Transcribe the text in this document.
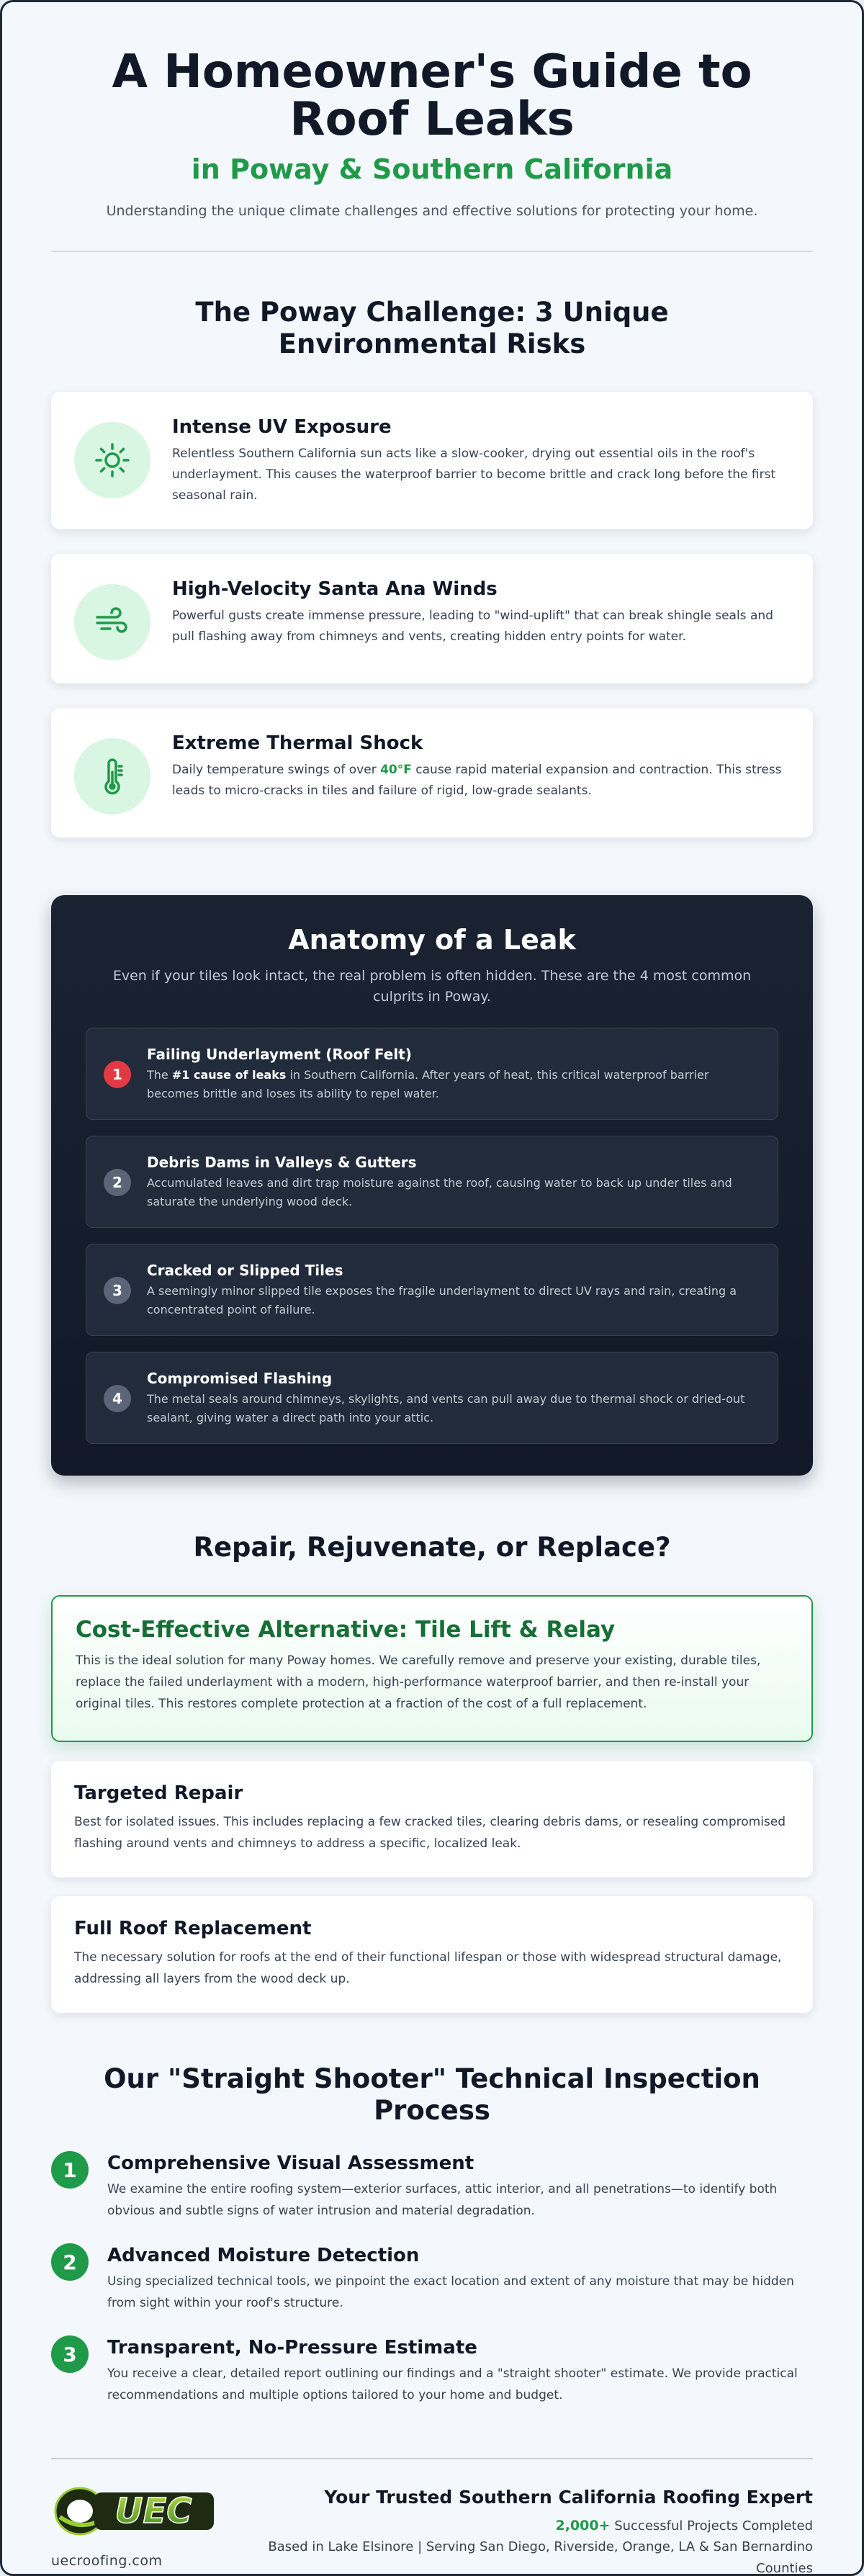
A Homeowner's Guide to Roof Leaks
in Poway & Southern California

Understanding the unique climate challenges and effective solutions for protecting your home.

The Poway Challenge: 3 Unique Environmental Risks
Intense UV Exposure

Relentless Southern California sun acts like a slow-cooker, drying out essential oils in the roof's underlayment. This causes the waterproof barrier to become brittle and crack long before the first seasonal rain.

High-Velocity Santa Ana Winds

Powerful gusts create immense pressure, leading to "wind-uplift" that can break shingle seals and pull flashing away from chimneys and vents, creating hidden entry points for water.

Extreme Thermal Shock

Daily temperature swings of over 40°F cause rapid material expansion and contraction. This stress leads to micro-cracks in tiles and failure of rigid, low-grade sealants.

Anatomy of a Leak

Even if your tiles look intact, the real problem is often hidden. These are the 4 most common culprits in Poway.

1
Failing Underlayment (Roof Felt)

The #1 cause of leaks in Southern California. After years of heat, this critical waterproof barrier becomes brittle and loses its ability to repel water.

2
Debris Dams in Valleys & Gutters

Accumulated leaves and dirt trap moisture against the roof, causing water to back up under tiles and saturate the underlying wood deck.

3
Cracked or Slipped Tiles

A seemingly minor slipped tile exposes the fragile underlayment to direct UV rays and rain, creating a concentrated point of failure.

4
Compromised Flashing

The metal seals around chimneys, skylights, and vents can pull away due to thermal shock or dried-out sealant, giving water a direct path into your attic.

Repair, Rejuvenate, or Replace?
Cost-Effective Alternative: Tile Lift & Relay

This is the ideal solution for many Poway homes. We carefully remove and preserve your existing, durable tiles, replace the failed underlayment with a modern, high-performance waterproof barrier, and then re-install your original tiles. This restores complete protection at a fraction of the cost of a full replacement.

Targeted Repair

Best for isolated issues. This includes replacing a few cracked tiles, clearing debris dams, or resealing compromised flashing around vents and chimneys to address a specific, localized leak.

Full Roof Replacement

The necessary solution for roofs at the end of their functional lifespan or those with widespread structural damage, addressing all layers from the wood deck up.

Our "Straight Shooter" Technical Inspection Process
1	Comprehensive Visual Assessment

We examine the entire roofing system—exterior surfaces, attic interior, and all penetrations—to identify both obvious and subtle signs of water intrusion and material degradation.

2	Advanced Moisture Detection

Using specialized technical tools, we pinpoint the exact location and extent of any moisture that may be hidden from sight within your roof's structure.

3	Transparent, No-Pressure Estimate

You receive a clear, detailed report outlining our findings and a "straight shooter" estimate. We provide practical recommendations and multiple options tailored to your home and budget.

UEC
uecroofing.com
Your Trusted Southern California Roofing Expert
2,000+ Successful Projects Completed
Based in Lake Elsinore | Serving San Diego, Riverside, Orange, LA & San Bernardino Counties
